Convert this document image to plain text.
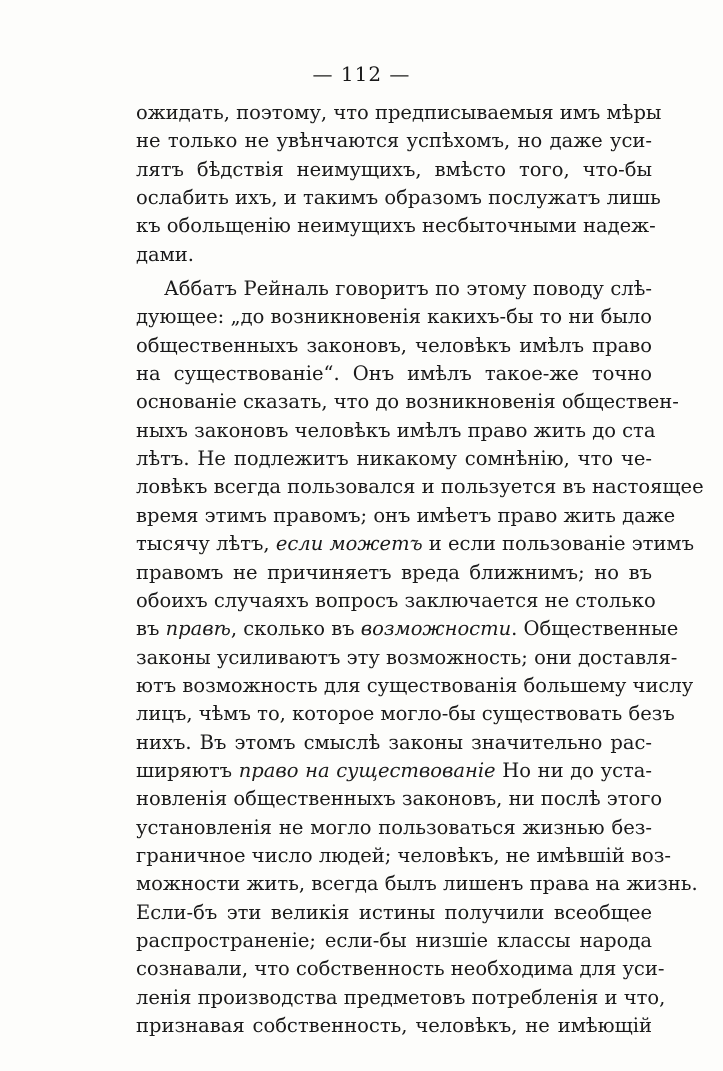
— 112 —
ожидать, поэтому, что предписываемыя имъ мѣры
не только не увѣнчаются успѣхомъ, но даже уси-
лятъ бѣдствія неимущихъ, вмѣсто того, что-бы
ослабить ихъ, и такимъ образомъ послужатъ лишь
къ обольщенію неимущихъ несбыточными надеж-
дами.
Аббатъ Рейналь говоритъ по этому поводу слѣ-
дующее: „до возникновенія какихъ-бы то ни было
общественныхъ законовъ, человѣкъ имѣлъ право
на существованіе“. Онъ имѣлъ такое-же точно
основаніе сказать, что до возникновенія обществен-
ныхъ законовъ человѣкъ имѣлъ право жить до ста
лѣтъ. Не подлежитъ никакому сомнѣнію, что че-
ловѣкъ всегда пользовался и пользуется въ настоящее
время этимъ правомъ; онъ имѣетъ право жить даже
тысячу лѣтъ, если можетъ и если пользованіе этимъ
правомъ не причиняетъ вреда ближнимъ; но въ
обоихъ случаяхъ вопросъ заключается не столько
въ правѣ, сколько въ возможности. Общественные
законы усиливаютъ эту возможность; они доставля-
ютъ возможность для существованія большему числу
лицъ, чѣмъ то, которое могло-бы существовать безъ
нихъ. Въ этомъ смыслѣ законы значительно рас-
ширяютъ право на существованіе Но ни до уста-
новленія общественныхъ законовъ, ни послѣ этого
установленія не могло пользоваться жизнью без-
граничное число людей; человѣкъ, не имѣвшій воз-
можности жить, всегда былъ лишенъ права на жизнь.
Если-бъ эти великія истины получили всеобщее
распространеніе; если-бы низшіе классы народа
сознавали, что собственность необходима для уси-
ленія производства предметовъ потребленія и что,
признавая собственность, человѣкъ, не имѣющій
